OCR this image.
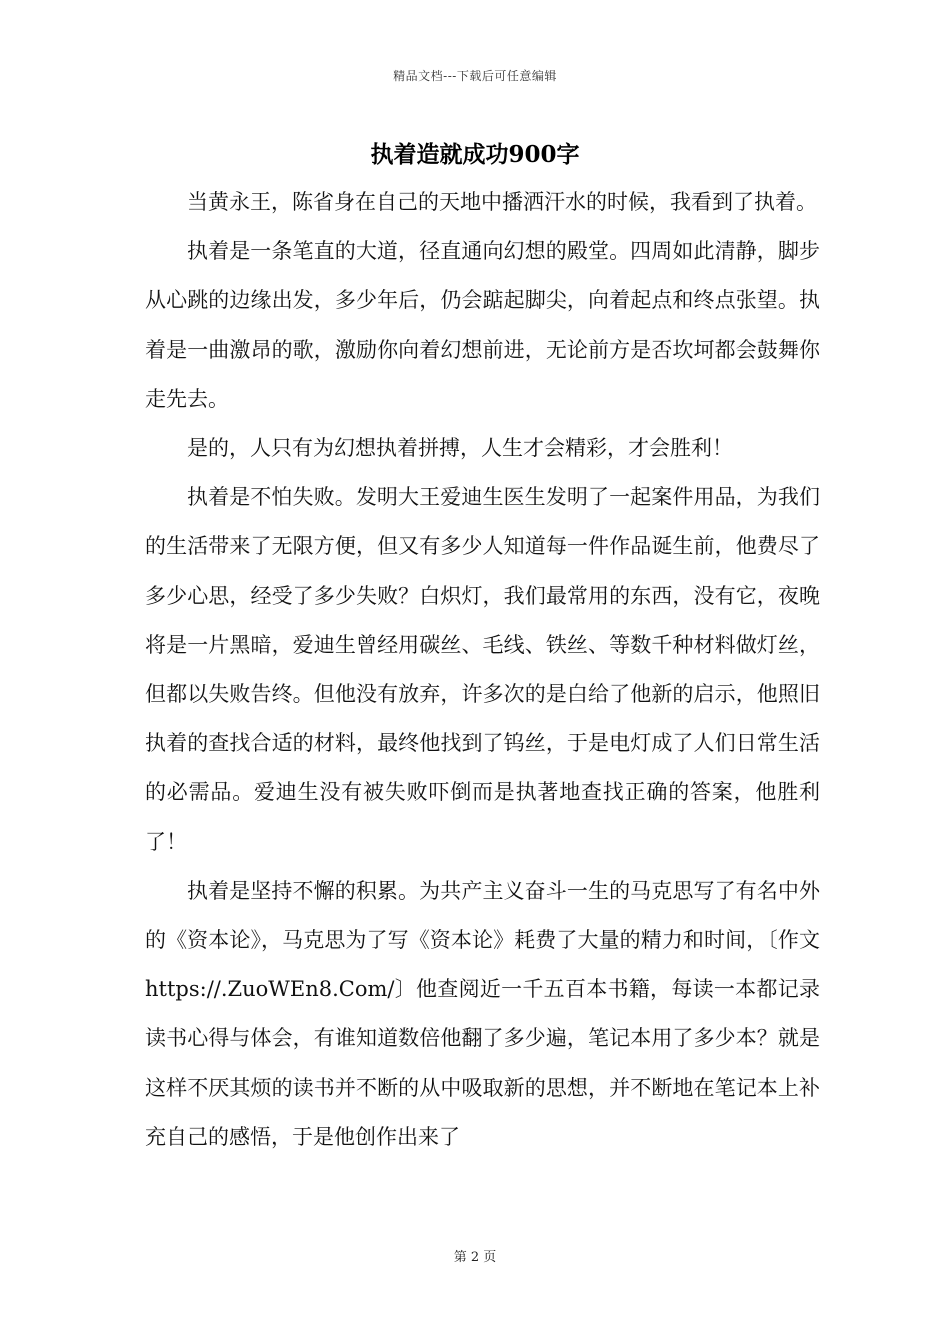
精品文档---下载后可任意编辑
执着造就成功900字

当黄永王，陈省身在自己的天地中播洒汗水的时候，我看到了执着。

执着是一条笔直的大道，径直通向幻想的殿堂。四周如此清静，脚步从心跳的边缘出发，多少年后，仍会踮起脚尖，向着起点和终点张望。执着是一曲激昂的歌，激励你向着幻想前进，无论前方是否坎坷都会鼓舞你走先去。

是的，人只有为幻想执着拼搏，人生才会精彩，才会胜利！

执着是不怕失败。发明大王爱迪生医生发明了一起案件用品，为我们的生活带来了无限方便，但又有多少人知道每一件作品诞生前，他费尽了多少心思，经受了多少失败？白炽灯，我们最常用的东西，没有它，夜晚将是一片黑暗，爱迪生曾经用碳丝、毛线、铁丝、等数千种材料做灯丝，但都以失败告终。但他没有放弃，许多次的是白给了他新的启示，他照旧执着的查找合适的材料，最终他找到了钨丝，于是电灯成了人们日常生活的必需品。爱迪生没有被失败吓倒而是执著地查找正确的答案，他胜利了！

执着是坚持不懈的积累。为共产主义奋斗一生的马克思写了有名中外的《资本论》，马克思为了写《资本论》耗费了大量的精力和时间，〔作文 https://.ZuoWEn8.Com/〕他查阅近一千五百本书籍，每读一本都记录读书心得与体会，有谁知道数倍他翻了多少遍，笔记本用了多少本？就是这样不厌其烦的读书并不断的从中吸取新的思想，并不断地在笔记本上补充自己的感悟，于是他创作出来了

第 2 页
